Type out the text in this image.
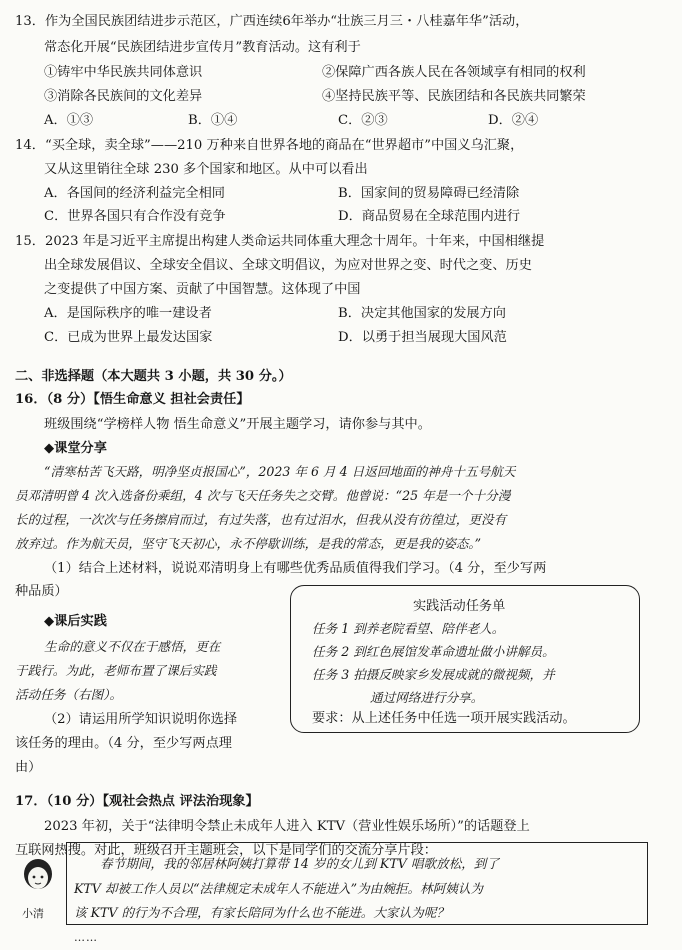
13．作为全国民族团结进步示范区，广西连续6年举办“壮族三月三・八桂嘉年华”活动，
常态化开展“民族团结进步宣传月”教育活动。这有利于
①铸牢中华民族共同体意识	②保障广西各族人民在各领域享有相同的权利
③消除各民族间的文化差异	④坚持民族平等、民族团结和各民族共同繁荣
A．①③	B．①④	C．②③	D．②④
14．“买全球，卖全球”——210 万种来自世界各地的商品在“世界超市”中国义乌汇聚，
又从这里销往全球 230 多个国家和地区。从中可以看出
A．各国间的经济利益完全相同	B．国家间的贸易障碍已经清除
C．世界各国只有合作没有竞争	D．商品贸易在全球范围内进行
15．2023 年是习近平主席提出构建人类命运共同体重大理念十周年。十年来，中国相继提
出全球发展倡议、全球安全倡议、全球文明倡议，为应对世界之变、时代之变、历史
之变提供了中国方案、贡献了中国智慧。这体现了中国
A．是国际秩序的唯一建设者	B．决定其他国家的发展方向
C．已成为世界上最发达国家	D．以勇于担当展现大国风范
二、非选择题（本大题共 3 小题，共 30 分。）
16．（8 分）【悟生命意义 担社会责任】
班级围绕“学榜样人物 悟生命意义”开展主题学习，请你参与其中。
◆课堂分享
“清寒枯苦飞天路，明净坚贞报国心”，2023 年 6 月 4 日返回地面的神舟十五号航天
员邓清明曾 4 次入选备份乘组，4 次与飞天任务失之交臂。他曾说：“25 年是一个十分漫
长的过程，一次次与任务擦肩而过，有过失落，也有过泪水，但我从没有彷徨过，更没有
放弃过。作为航天员，坚守飞天初心，永不停歇训练，是我的常态，更是我的姿态。”
（1）结合上述材料，说说邓清明身上有哪些优秀品质值得我们学习。（4 分，至少写两
种品质）
◆课后实践
生命的意义不仅在于感悟，更在
于践行。为此，老师布置了课后实践
活动任务（右图）。
（2）请运用所学知识说明你选择
该任务的理由。（4 分，至少写两点理
由）
实践活动任务单
任务 1 到养老院看望、陪伴老人。
任务 2 到红色展馆发革命遗址做小讲解员。
任务 3 拍摄反映家乡发展成就的微视频，并
通过网络进行分享。
要求：从上述任务中任选一项开展实践活动。
17．（10 分）【观社会热点 评法治现象】
2023 年初，关于“法律明令禁止未成年人进入 KTV（营业性娱乐场所）”的话题登上
小清
春节期间，我的邻居林阿姨打算带 14 岁的女儿到 KTV 唱歌放松，到了
KTV 却被工作人员以“法律规定未成年人不能进入”为由婉拒。林阿姨认为
该 KTV 的行为不合理，有家长陪同为什么也不能进。大家认为呢？
……
互联网热搜。对此，班级召开主题班会，以下是同学们的交流分享片段：
